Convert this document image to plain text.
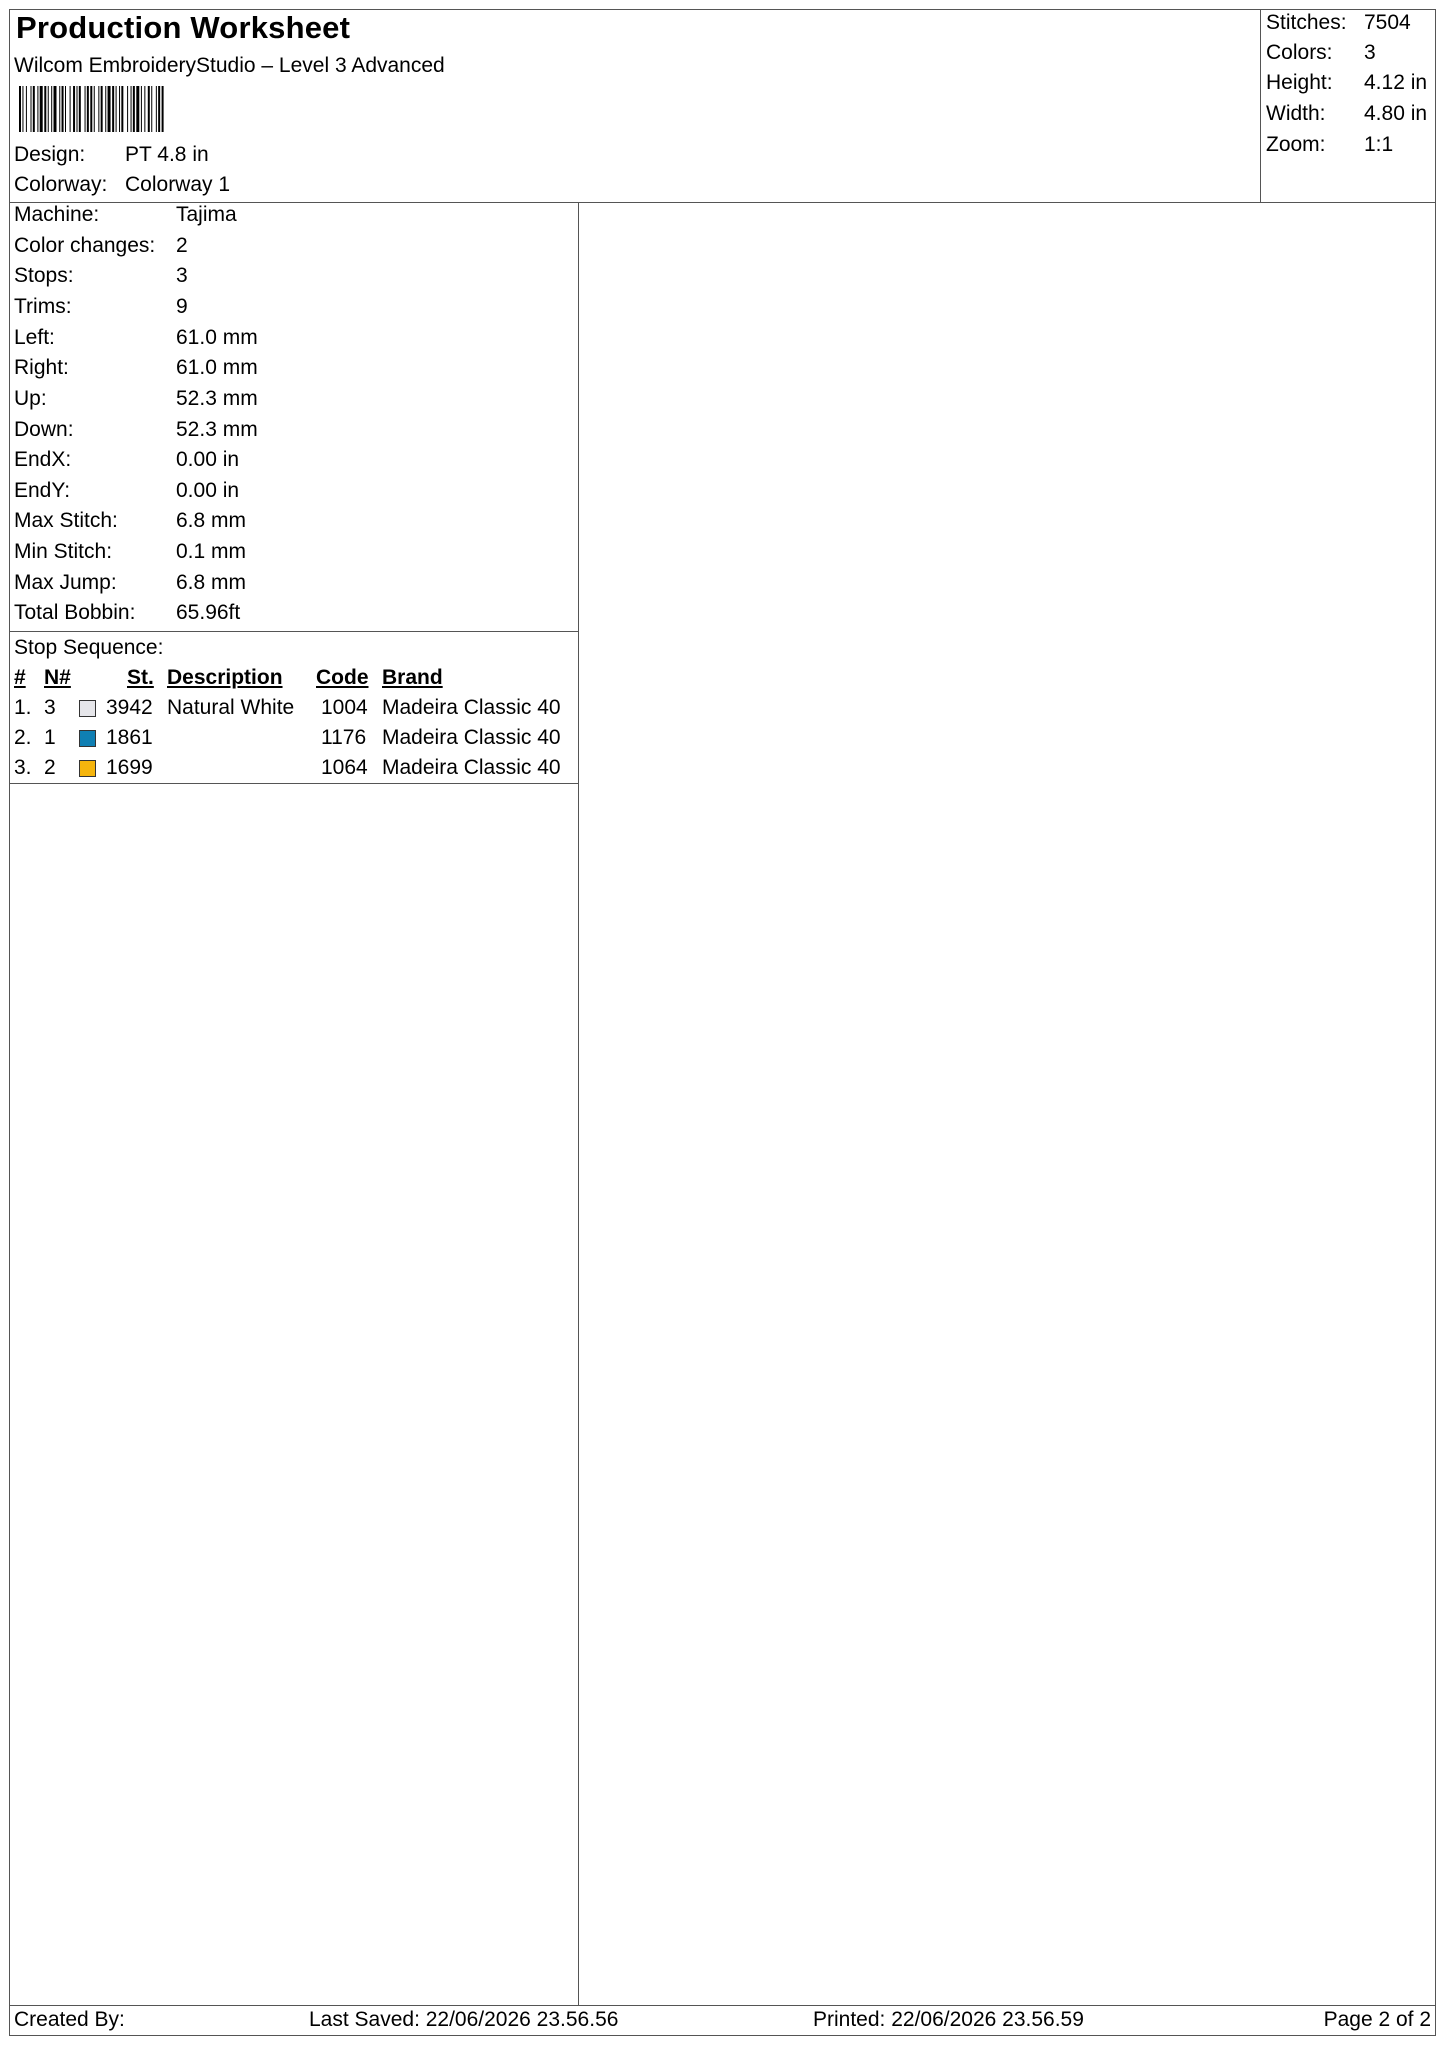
Production Worksheet
Wilcom EmbroideryStudio – Level 3 Advanced
Design: PT 4.8 in
Colorway: Colorway 1
Stitches: 7504
Colors: 3
Height: 4.12 in
Width: 4.80 in
Zoom: 1:1
Machine:	Tajima
Color changes: 2
Stops:	3
Trims:	9
Left:	61.0 mm
Right:	61.0 mm
Up:	52.3 mm
Down:	52.3 mm
EndX:	0.00 in
EndY:	0.00 in
Max Stitch:	6.8 mm
Min Stitch:	0.1 mm
Max Jump:	6.8 mm
Total Bobbin: 65.96ft
Stop Sequence:
# N#	St. Description Code Brand
1. 3 3942 Natural White 1004 Madeira Classic 40
2. 1 1861	1176 Madeira Classic 40
3. 2 1699	1064 Madeira Classic 40
Created By:	Last Saved: 22/06/2026 23.56.56	Printed: 22/06/2026 23.56.59	Page 2 of 2
